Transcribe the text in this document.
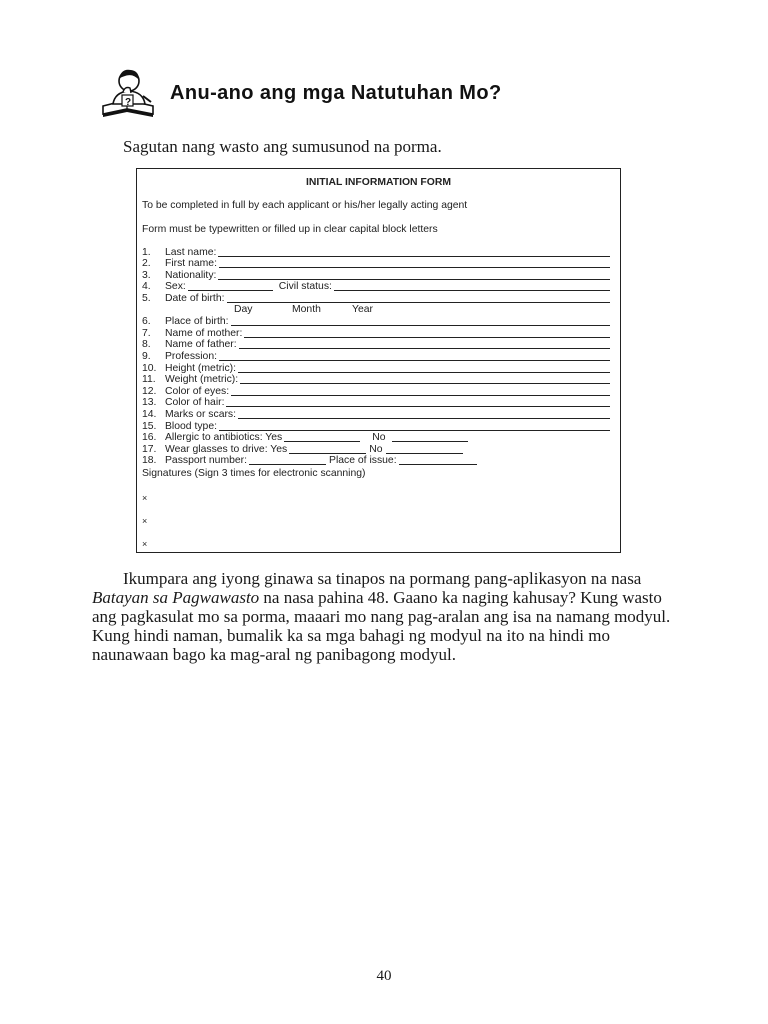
? Anu-ano ang mga Natutuhan Mo?
Sagutan nang wasto ang sumusunod na porma.
INITIAL INFORMATION FORM
To be completed in full by each applicant or his/her legally acting agent
Form must be typewritten or filled up in clear capital block letters
1.	Last name:
2.	First name:
3.	Nationality:
4.	Sex:	Civil status:
5.	Date of birth:
Day	Month	Year
6.	Place of birth:
7.	Name of mother:
8.	Name of father:
9.	Profession:
10. Height (metric):
11. Weight (metric):
12. Color of eyes:
13. Color of hair:
14. Marks or scars:
15. Blood type:
16. Allergic to antibiotics: Yes	No
17. Wear glasses to drive: Yes	No
18. Passport number:	Place of issue:
Signatures (Sign 3 times for electronic scanning)
×
×
×
Ikumpara ang iyong ginawa sa tinapos na pormang pang-aplikasyon na nasa Batayan sa Pagwawasto na nasa pahina 48. Gaano ka naging kahusay? Kung wasto ang pagkasulat mo sa porma, maaari mo nang pag-aralan ang isa na namang modyul. Kung hindi naman, bumalik ka sa mga bahagi ng modyul na ito na hindi mo naunawaan bago ka mag-aral ng panibagong modyul.
40
